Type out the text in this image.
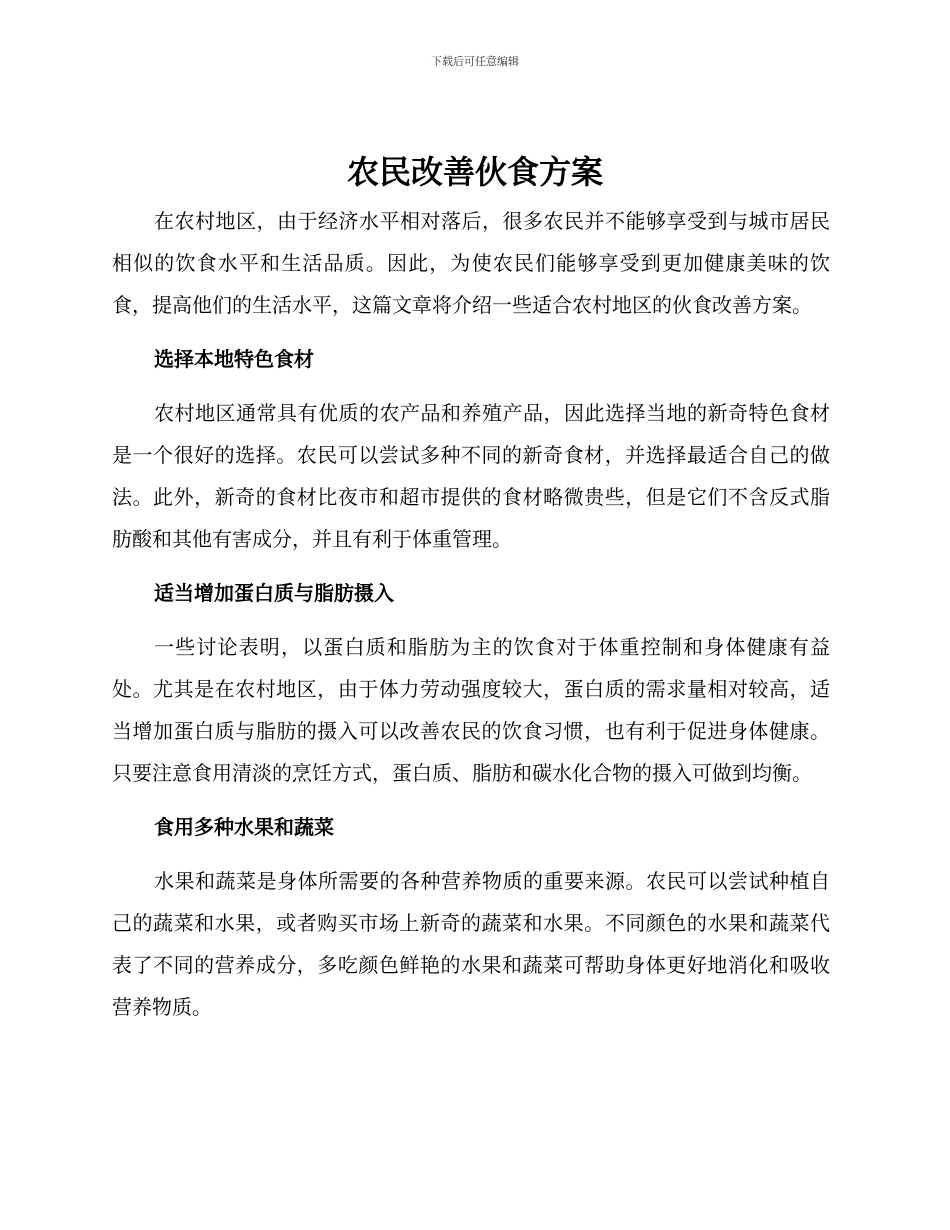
下载后可任意编辑
农民改善伙食方案

在农村地区，由于经济水平相对落后，很多农民并不能够享受到与城市居民相似的饮食水平和生活品质。因此，为使农民们能够享受到更加健康美味的饮食，提高他们的生活水平，这篇文章将介绍一些适合农村地区的伙食改善方案。

选择本地特色食材

农村地区通常具有优质的农产品和养殖产品，因此选择当地的新奇特色食材是一个很好的选择。农民可以尝试多种不同的新奇食材，并选择最适合自己的做法。此外，新奇的食材比夜市和超市提供的食材略微贵些，但是它们不含反式脂肪酸和其他有害成分，并且有利于体重管理。

适当增加蛋白质与脂肪摄入

一些讨论表明，以蛋白质和脂肪为主的饮食对于体重控制和身体健康有益处。尤其是在农村地区，由于体力劳动强度较大，蛋白质的需求量相对较高，适当增加蛋白质与脂肪的摄入可以改善农民的饮食习惯，也有利于促进身体健康。只要注意食用清淡的烹饪方式，蛋白质、脂肪和碳水化合物的摄入可做到均衡。

食用多种水果和蔬菜

水果和蔬菜是身体所需要的各种营养物质的重要来源。农民可以尝试种植自己的蔬菜和水果，或者购买市场上新奇的蔬菜和水果。不同颜色的水果和蔬菜代表了不同的营养成分，多吃颜色鲜艳的水果和蔬菜可帮助身体更好地消化和吸收营养物质。
